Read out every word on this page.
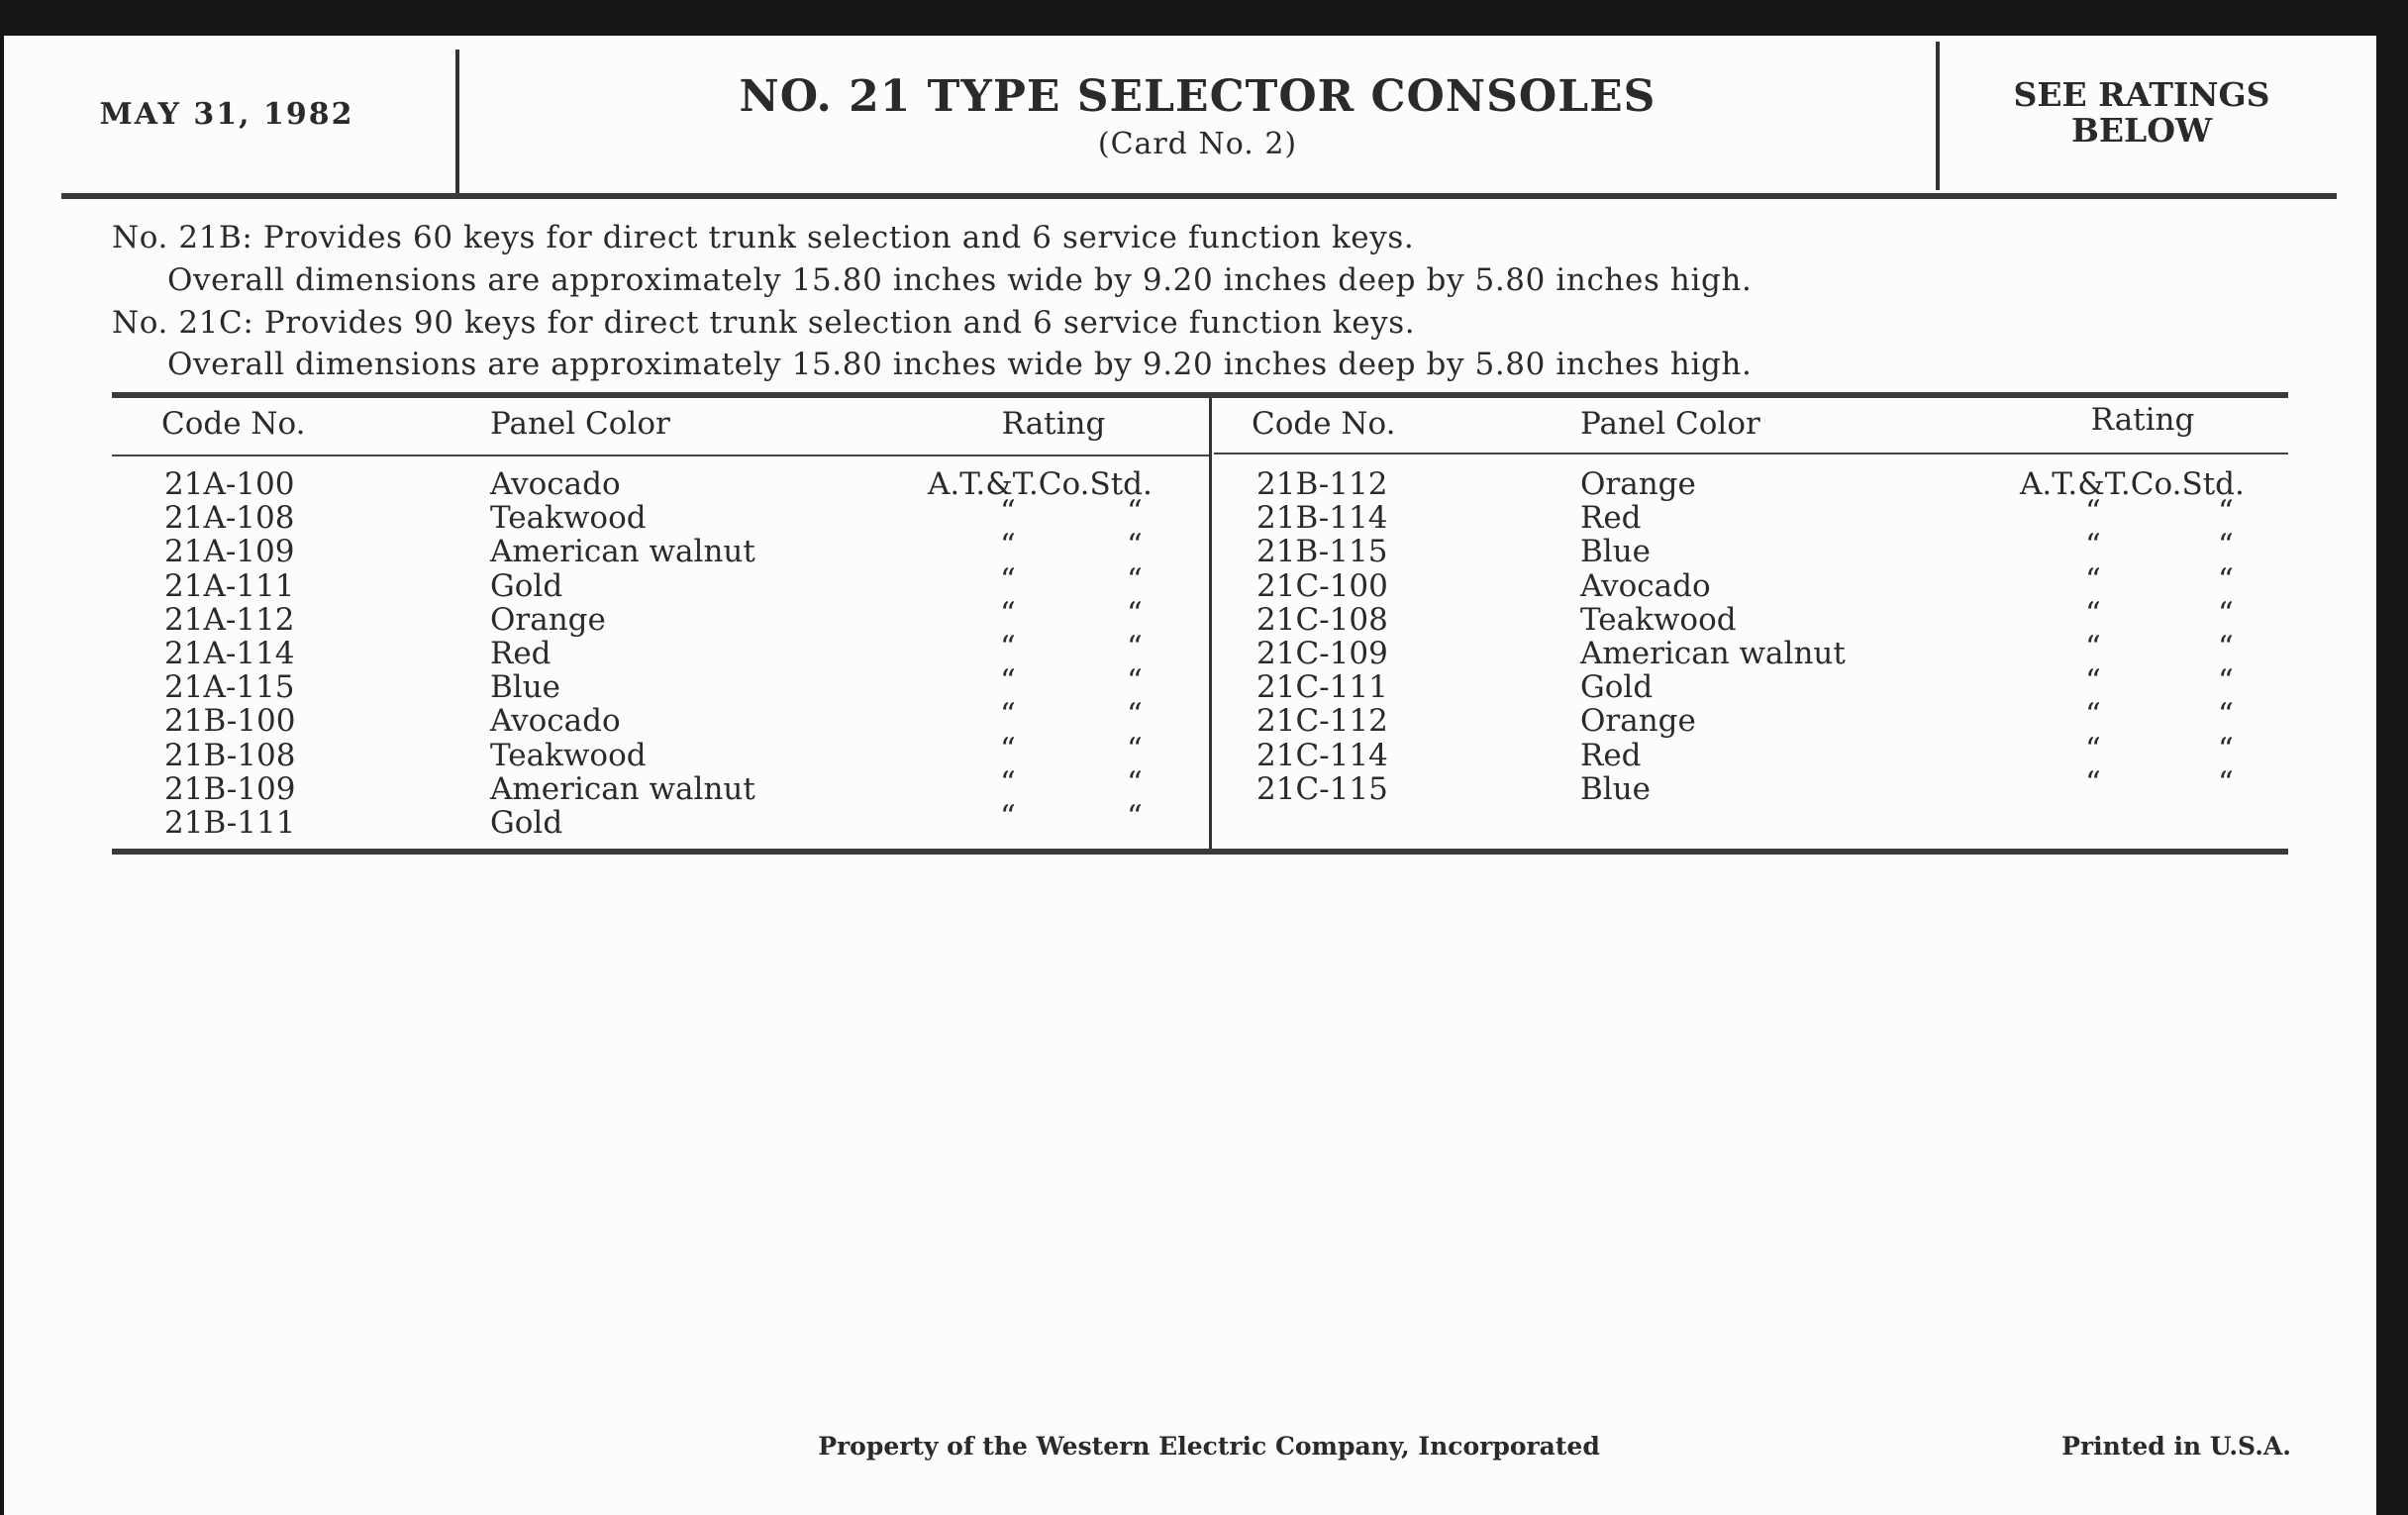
MAY 31, 1982	NO. 21 TYPE SELECTOR CONSOLES
(Card No. 2)
SEE RATINGS
BELOW
No. 21B: Provides 60 keys for direct trunk selection and 6 service function keys.
Overall dimensions are approximately 15.80 inches wide by 9.20 inches deep by 5.80 inches high.
No. 21C: Provides 90 keys for direct trunk selection and 6 service function keys.
Overall dimensions are approximately 15.80 inches wide by 9.20 inches deep by 5.80 inches high.
Code No.	Panel Color	Rating	Code No.	Panel Color	Rating
21A-100	Avocado	A.T.&T.Co.Std.
21A-108	Teakwood	“	“
21A-109	American walnut	“	“
21A-111	Gold	“	“
21A-112	Orange	“	“
21A-114	Red	“	“
21A-115	Blue	“	“
21B-100	Avocado	“	“
21B-108	Teakwood	“	“
21B-109	American walnut	“	“
21B-111	Gold	“	“
21B-112	Orange	A.T.&T.Co.Std.
21B-114	Red	“	“
21B-115	Blue	“	“
21C-100	Avocado	“	“
21C-108	Teakwood	“	“
21C-109	American walnut	“	“
21C-111	Gold	“	“
21C-112	Orange	“	“
21C-114	Red	“	“
21C-115	Blue	“	“
Property of the Western Electric Company, Incorporated	Printed in U.S.A.
